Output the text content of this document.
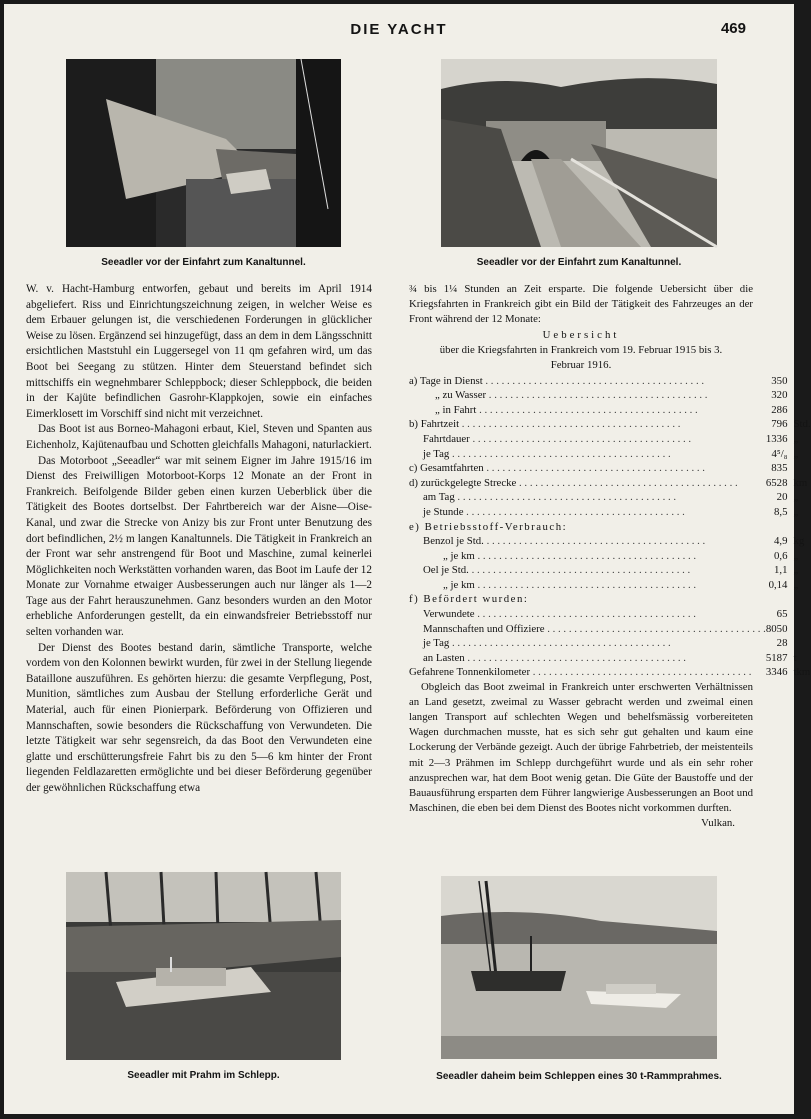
DIE YACHT	469
Seeadler vor der Einfahrt zum Kanaltunnel.	Seeadler vor der Einfahrt zum Kanaltunnel.

W. v. Hacht-Hamburg entworfen, gebaut und bereits im April 1914 abgeliefert. Riss und Einrichtungszeichnung zeigen, in welcher Weise es dem Erbauer gelungen ist, die verschiedenen Forderungen in glücklicher Weise zu lösen. Ergänzend sei hinzugefügt, dass an dem in dem Längsschnitt ersichtlichen Maststuhl ein Luggersegel von 11 qm gefahren wird, um das Boot bei Seegang zu stützen. Hinter dem Steuerstand befindet sich mittschiffs ein wegnehmbarer Schleppbock; dieser Schleppbock, die beiden in der Kajüte befindlichen Gasrohr-Klappkojen, sowie ein einfaches Eimerklosett im Vorschiff sind nicht mit verzeichnet.

Das Boot ist aus Borneo-Mahagoni erbaut, Kiel, Steven und Spanten aus Eichenholz, Kajütenaufbau und Schotten gleichfalls Mahagoni, naturlackiert.

Das Motorboot „Seeadler“ war mit seinem Eigner im Jahre 1915/16 im Dienst des Freiwilligen Motorboot-Korps 12 Monate an der Front in Frankreich. Beifolgende Bilder geben einen kurzen Ueberblick über die Tätigkeit des Bootes dortselbst. Der Fahrtbereich war der Aisne—Oise-Kanal, und zwar die Strecke von Anizy bis zur Front unter Benutzung des dort befindlichen, 2½ m langen Kanaltunnels. Die Tätigkeit in Frankreich an der Front war sehr anstrengend für Boot und Maschine, zumal keinerlei Möglichkeiten noch Werkstätten vorhanden waren, das Boot im Laufe der 12 Monate zur Vornahme etwaiger Ausbesserungen auch nur länger als 1—2 Tage aus der Fahrt herauszunehmen. Ganz besonders wurden an den Motor erhebliche Anforderungen gestellt, da ein einwandsfreier Betriebsstoff nur selten vorhanden war.

Der Dienst des Bootes bestand darin, sämtliche Transporte, welche vordem von den Kolonnen bewirkt wurden, für zwei in der Stellung liegende Bataillone auszuführen. Es gehörten hierzu: die gesamte Verpflegung, Post, Munition, sämtliches zum Ausbau der Stellung erforderliche Gerät und Material, auch für einen Pionierpark. Beförderung von Offizieren und Mannschaften, sowie besonders die Rückschaffung von Verwundeten. Die letzte Tätigkeit war sehr segensreich, da das Boot den Verwundeten eine glatte und erschütterungsfreie Fahrt bis zu den 5—6 km hinter der Front liegenden Feldlazaretten ermöglichte und bei dieser Beförderung gegenüber der gewöhnlichen Rückschaffung etwa

¾ bis 1¼ Stunden an Zeit ersparte. Die folgende Uebersicht über die Kriegsfahrten in Frankreich gibt ein Bild der Tätigkeit des Fahrzeuges an der Front während der 12 Monate:

Uebersicht
über die Kriegsfahrten in Frankreich vom 19. Februar 1915 bis 3. Februar 1916.
a) Tage in Dienst . . .	350	
„ zu Wasser . . .	320	
„ in Fahrt . . .	286	
b) Fahrtzeit . . .	796	Std.
Fahrtdauer . . .	1336	„
je Tag . . .	4⁵/₈	„
c) Gesamtfahrten . . .	835	
d) zurückgelegte Strecke . . .	6528	km
am Tag . . .	20	„
je Stunde . . .	8,5	„
e) Betriebsstoff-Verbrauch:		
Benzol je Std. . . .	4,9	kg
„ je km . . .	0,6	„
Oel je Std. . . .	1,1	„
„ je km . . .	0,14	„
f) Befördert wurden:		
Verwundete . . .	65	
Mannschaften und Offiziere . . .	8050	
je Tag . . .	28	
an Lasten . . .	5187	t
Gefahrene Tonnenkilometer . . .	3346	tkm

Obgleich das Boot zweimal in Frankreich unter erschwerten Verhältnissen an Land gesetzt, zweimal zu Wasser gebracht werden und zweimal einen langen Transport auf schlechten Wegen und behelfsmässig vorbereiteten Wagen durchmachen musste, hat es sich sehr gut gehalten und kaum eine Lockerung der Verbände gezeigt. Auch der übrige Fahrbetrieb, der meistenteils mit 2—3 Prähmen im Schlepp durchgeführt wurde und als ein sehr roher anzusprechen war, hat dem Boot wenig getan. Die Güte der Baustoffe und der Bauausführung ersparten dem Führer langwierige Ausbesserungen an Boot und Maschinen, die eben bei dem Dienst des Bootes nicht vorkommen durften.

Vulkan.
Seeadler mit Prahm im Schlepp.	Seeadler daheim beim Schleppen eines 30 t-Rammprahmes.
